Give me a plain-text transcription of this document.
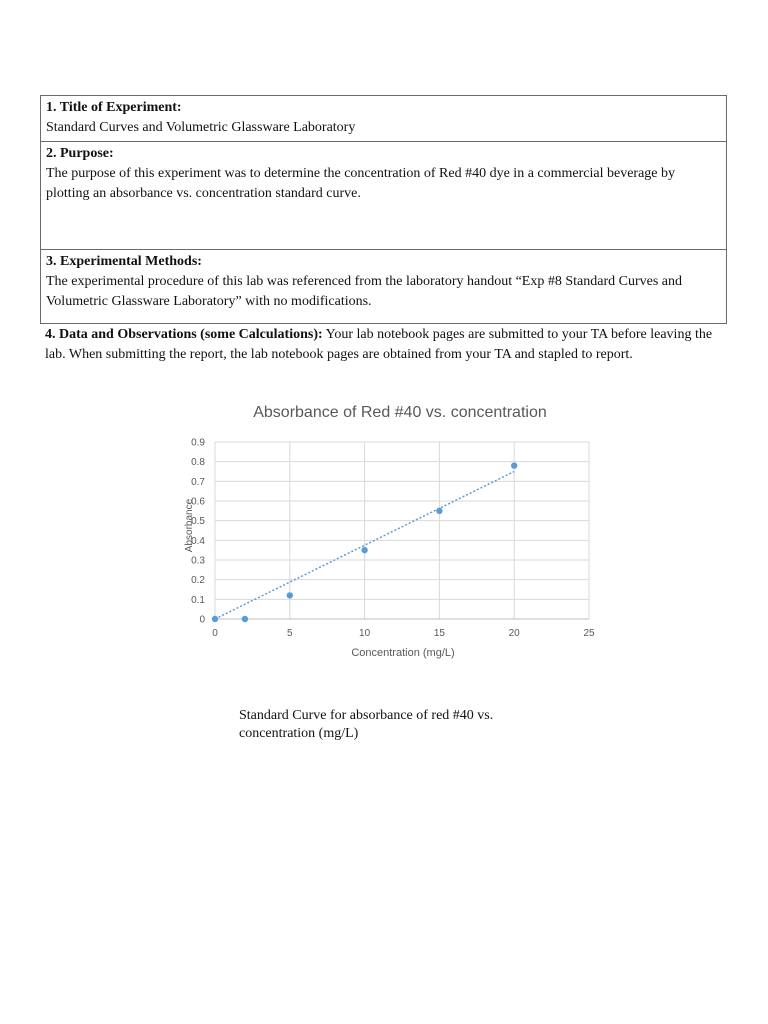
1. Title of Experiment:
Standard Curves and Volumetric Glassware Laboratory
2. Purpose:
The purpose of this experiment was to determine the concentration of Red #40 dye in a commercial beverage by plotting an absorbance vs. concentration standard curve.
3. Experimental Methods:
The experimental procedure of this lab was referenced from the laboratory handout “Exp #8 Standard Curves and Volumetric Glassware Laboratory” with no modifications.
4. Data and Observations (some Calculations): Your lab notebook pages are submitted to your TA before leaving the lab. When submitting the report, the lab notebook pages are obtained from your TA and stapled to report.
Absorbance of Red #40 vs. concentration
Absorbance
Concentration (mg/L)
0
0.1
0.2
0.3
0.4
0.5
0.6
0.7
0.8
0.9
0	5	10	15	20	25
Standard Curve for absorbance of red #40 vs. concentration (mg/L)
